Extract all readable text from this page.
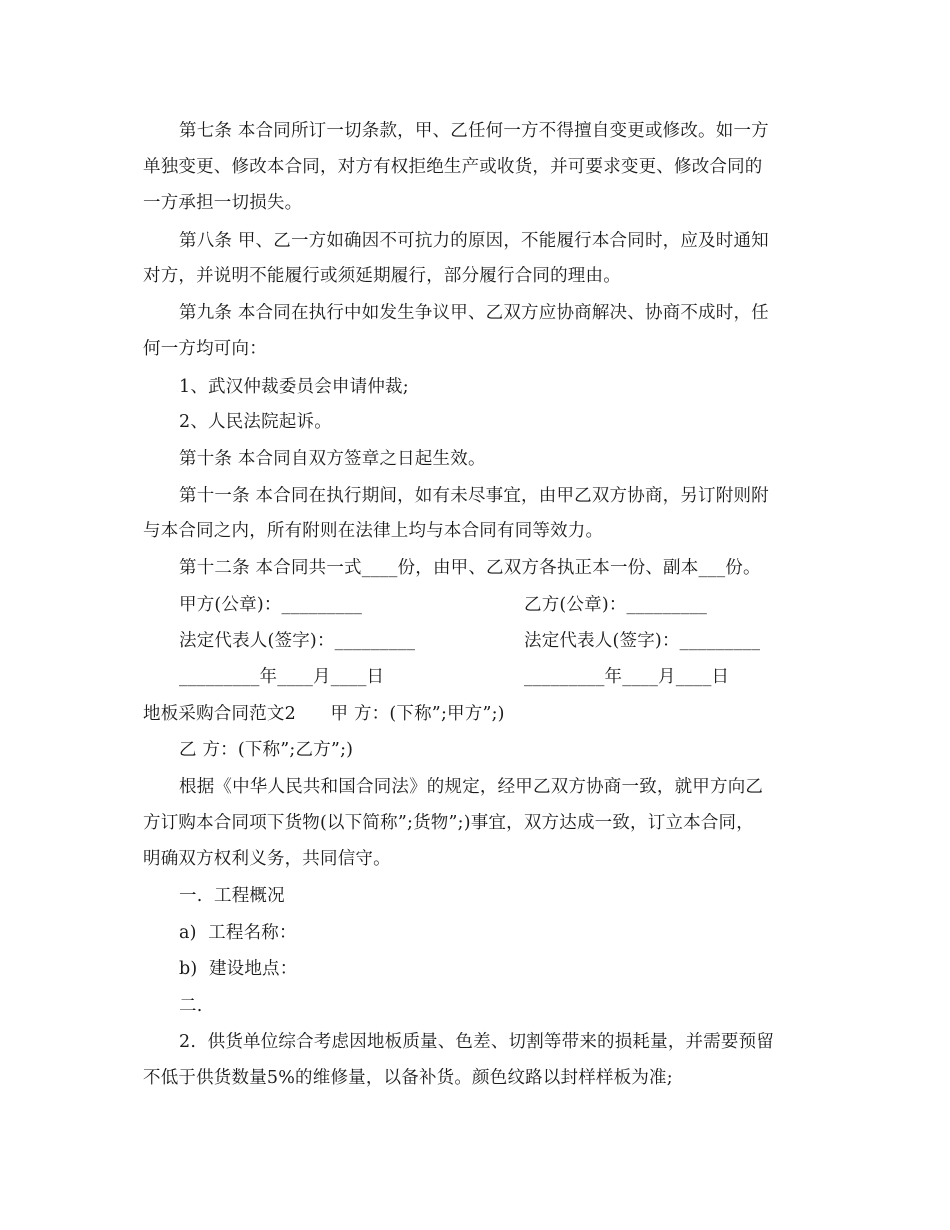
第七条 本合同所订一切条款，甲、乙任何一方不得擅自变更或修改。如一方
单独变更、修改本合同，对方有权拒绝生产或收货，并可要求变更、修改合同的
一方承担一切损失。
第八条 甲、乙一方如确因不可抗力的原因，不能履行本合同时，应及时通知
对方，并说明不能履行或须延期履行，部分履行合同的理由。
第九条 本合同在执行中如发生争议甲、乙双方应协商解决、协商不成时，任
何一方均可向：
1、武汉仲裁委员会申请仲裁;
2、人民法院起诉。
第十条 本合同自双方签章之日起生效。
第十一条 本合同在执行期间，如有未尽事宜，由甲乙双方协商，另订附则附
与本合同之内，所有附则在法律上均与本合同有同等效力。
第十二条 本合同共一式____份，由甲、乙双方各执正本一份、副本___份。
甲方(公章)：_________	乙方(公章)：_________
法定代表人(签字)：_________	法定代表人(签字)：_________
_________年____月____日	_________年____月____日
地板采购合同范文2      甲 方：(下称”;甲方”;)
乙 方：(下称”;乙方”;)
根据《中华人民共和国合同法》的规定，经甲乙双方协商一致，就甲方向乙
方订购本合同项下货物(以下简称”;货物”;)事宜，双方达成一致，订立本合同，
明确双方权利义务，共同信守。
一.  工程概况
a)  工程名称：
b)  建设地点：
二.
2.  供货单位综合考虑因地板质量、色差、切割等带来的损耗量，并需要预留
不低于供货数量5%的维修量，以备补货。颜色纹路以封样样板为准;
